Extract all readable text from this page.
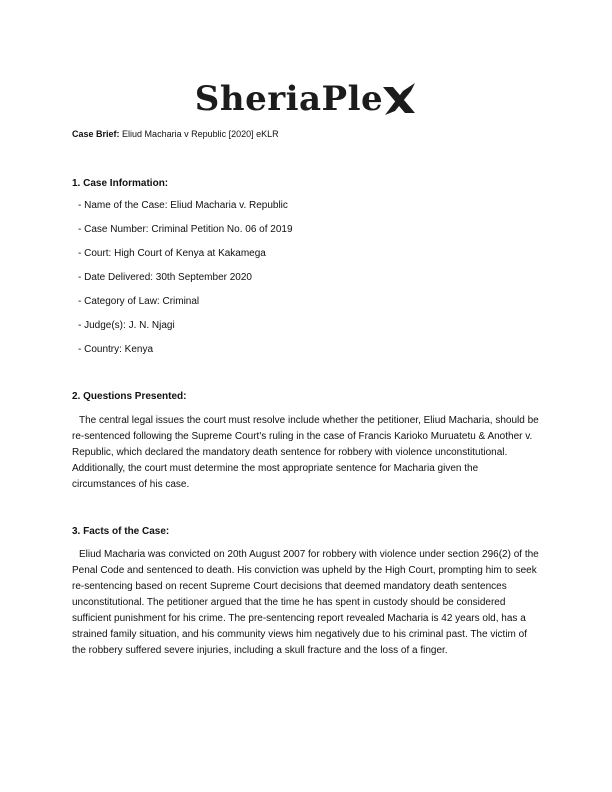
SheriaPle
Case Brief: Eliud Macharia v Republic [2020] eKLR
1. Case Information:
- Name of the Case: Eliud Macharia v. Republic
- Case Number: Criminal Petition No. 06 of 2019
- Court: High Court of Kenya at Kakamega
- Date Delivered: 30th September 2020
- Category of Law: Criminal
- Judge(s): J. N. Njagi
- Country: Kenya
2. Questions Presented:

The central legal issues the court must resolve include whether the petitioner, Eliud Macharia, should be re-sentenced following the Supreme Court's ruling in the case of Francis Karioko Muruatetu & Another v. Republic, which declared the mandatory death sentence for robbery with violence unconstitutional. Additionally, the court must determine the most appropriate sentence for Macharia given the circumstances of his case.

3. Facts of the Case:

Eliud Macharia was convicted on 20th August 2007 for robbery with violence under section 296(2) of the Penal Code and sentenced to death. His conviction was upheld by the High Court, prompting him to seek re-sentencing based on recent Supreme Court decisions that deemed mandatory death sentences unconstitutional. The petitioner argued that the time he has spent in custody should be considered sufficient punishment for his crime. The pre-sentencing report revealed Macharia is 42 years old, has a strained family situation, and his community views him negatively due to his criminal past. The victim of the robbery suffered severe injuries, including a skull fracture and the loss of a finger.
